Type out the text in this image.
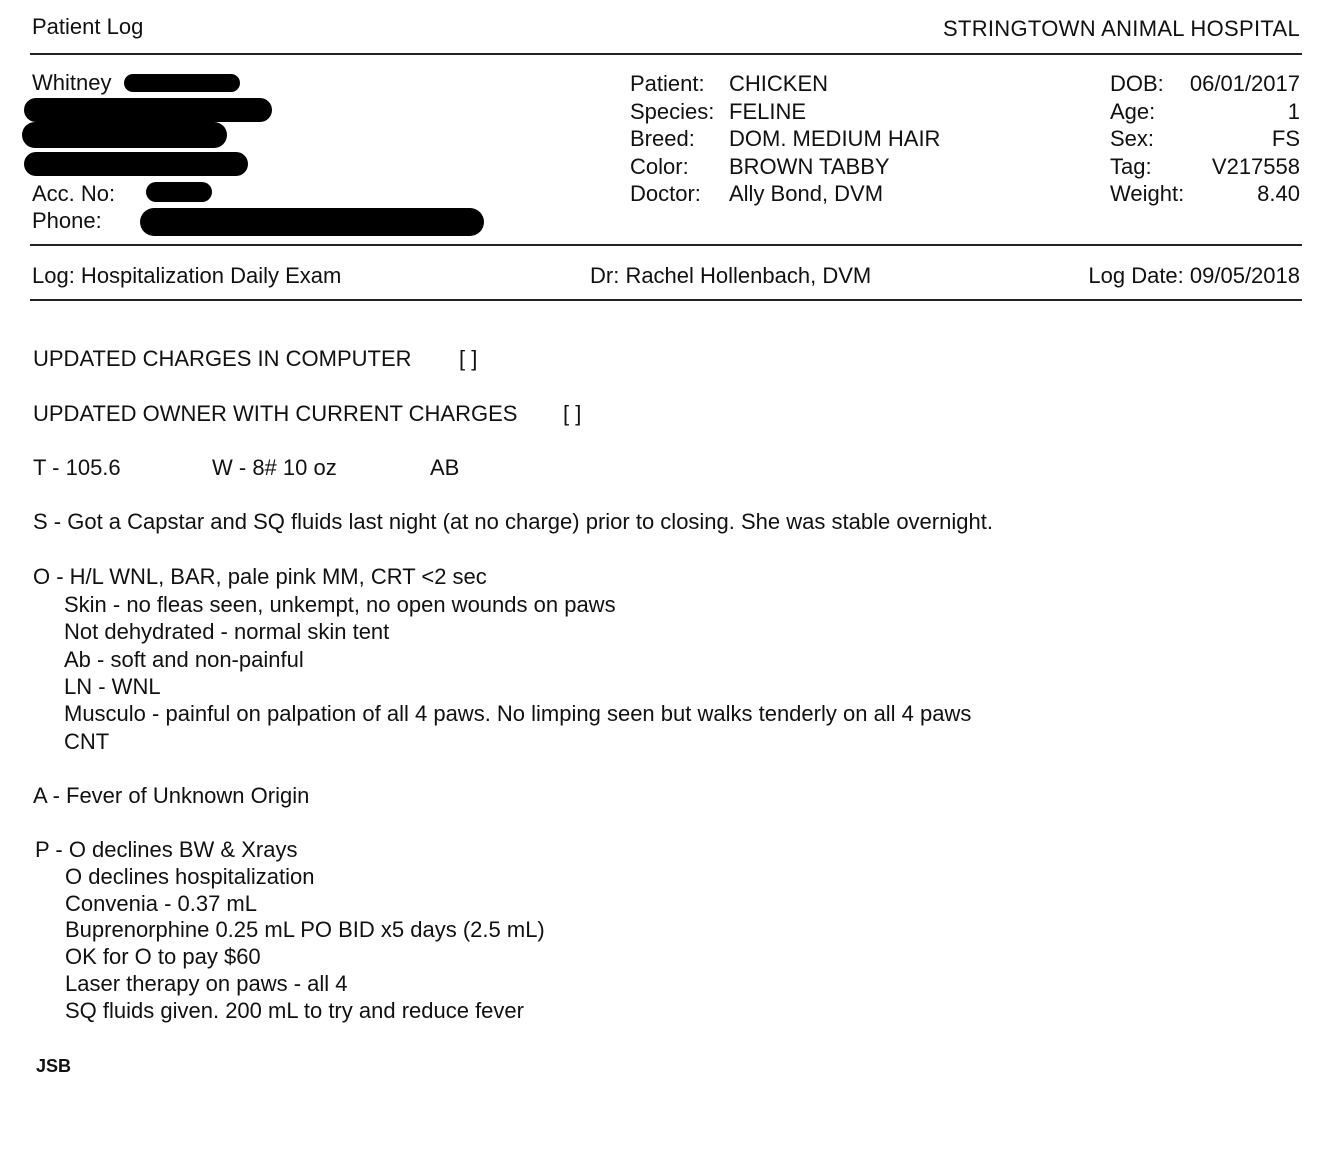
Patient Log	STRINGTOWN ANIMAL HOSPITAL
Whitney
Acc. No:
Phone:
Patient: CHICKEN
Species: FELINE
Breed: DOM. MEDIUM HAIR
Color: BROWN TABBY
Doctor: Ally Bond, DVM
DOB: 06/01/2017
Age:	1
Sex:	FS
Tag:	V217558
Weight:	8.40
Log: Hospitalization Daily Exam	Dr: Rachel Hollenbach, DVM	Log Date: 09/05/2018
UPDATED CHARGES IN COMPUTER [ ]
UPDATED OWNER WITH CURRENT CHARGES [ ]
T - 105.6	W - 8# 10 oz	AB
S - Got a Capstar and SQ fluids last night (at no charge) prior to closing. She was stable overnight.
O - H/L WNL, BAR, pale pink MM, CRT <2 sec
Skin - no fleas seen, unkempt, no open wounds on paws
Not dehydrated - normal skin tent
Ab - soft and non-painful
LN - WNL
Musculo - painful on palpation of all 4 paws. No limping seen but walks tenderly on all 4 paws
CNT
A - Fever of Unknown Origin
P - O declines BW & Xrays
O declines hospitalization
Convenia - 0.37 mL
Buprenorphine 0.25 mL PO BID x5 days (2.5 mL)
OK for O to pay $60
Laser therapy on paws - all 4
SQ fluids given. 200 mL to try and reduce fever
JSB
